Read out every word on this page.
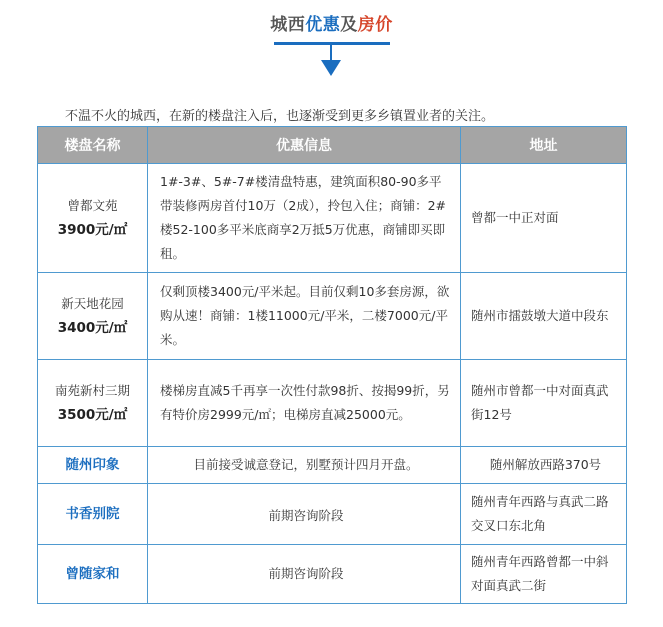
城西优惠及房价
不温不火的城西，在新的楼盘注入后，也逐渐受到更多乡镇置业者的关注。
楼盘名称	优惠信息	地址

曾都文苑
3900元/㎡	1#-3#、5#-7#楼清盘特惠，建筑面积80-90多平带装修两房首付10万（2成），拎包入住；商铺：2#楼52-100多平米底商享2万抵5万优惠，商铺即买即租。	曾都一中正对面

新天地花园
3400元/㎡	仅剩顶楼3400元/平米起。目前仅剩10多套房源，欲购从速！商铺：1楼11000元/平米，二楼7000元/平米。	随州市擂鼓墩大道中段东

南苑新村三期
3500元/㎡	楼梯房直减5千再享一次性付款98折、按揭99折，另有特价房2999元/㎡；电梯房直减25000元。	随州市曾都一中对面真武街12号

随州印象	目前接受诚意登记，别墅预计四月开盘。	随州解放西路370号

书香别院	前期咨询阶段	随州青年西路与真武二路交叉口东北角

曾随家和	前期咨询阶段	随州青年西路曾都一中斜对面真武二街
